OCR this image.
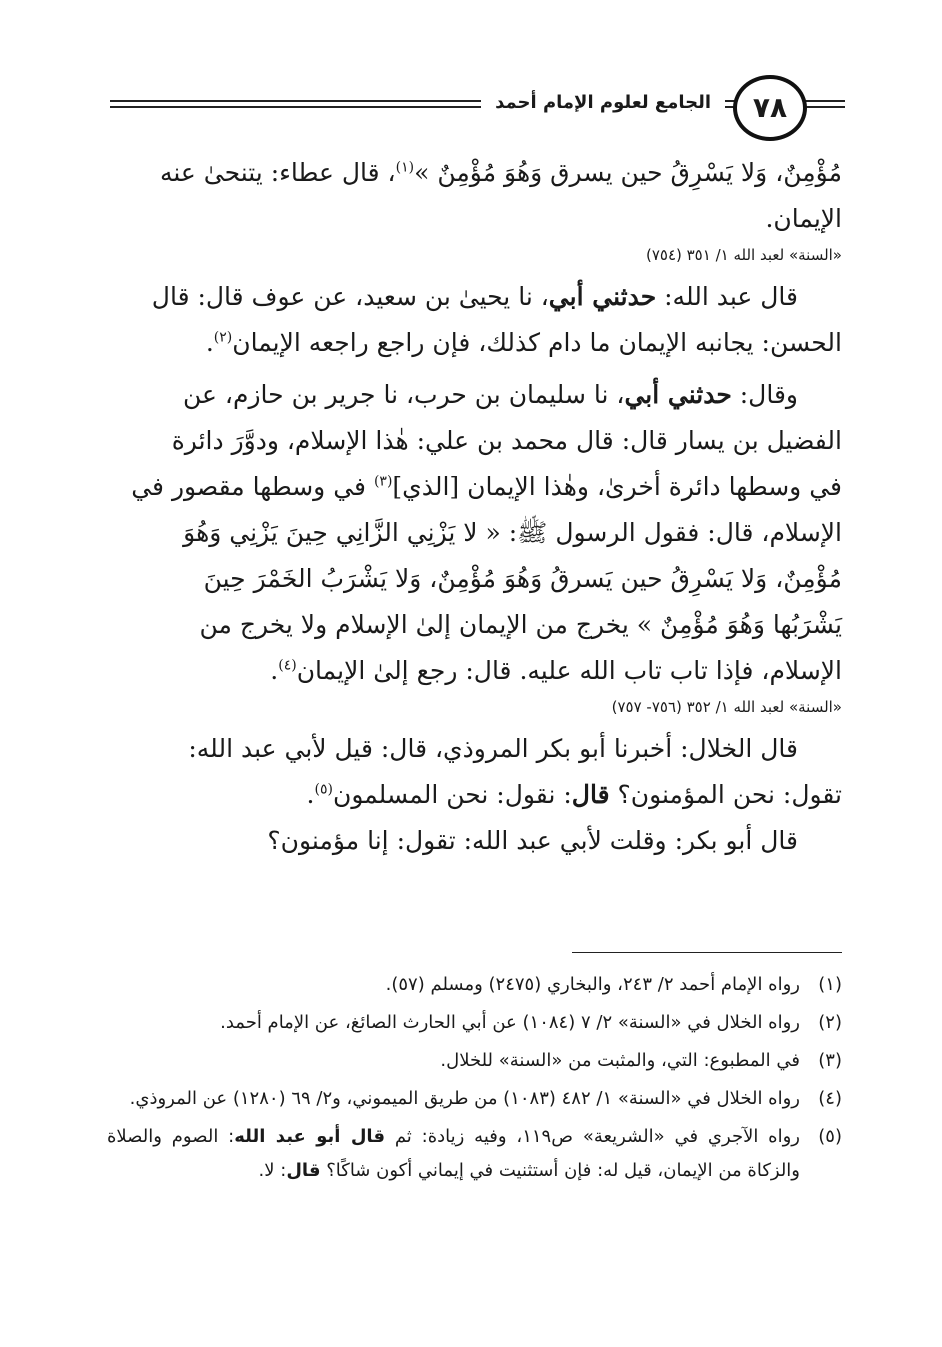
٧٨
الجامع لعلوم الإمام أحمد

مُؤْمِنٌ، وَلا يَسْرِقُ حين يسرق وَهُوَ مُؤْمِنٌ »$^{(١)}$، قال عطاء: يتنحىٰ عنه

الإيمان.

«السنة» لعبد الله ١/ ٣٥١ (٧٥٤)

قال عبد الله: حدثني أبي، نا يحيىٰ بن سعيد، عن عوف قال: قال
الحسن: يجانبه الإيمان ما دام كذلك، فإن راجع راجعه الإيمان$^{(٢)}$.

وقال: حدثني أبي، نا سليمان بن حرب، نا جرير بن حازم، عن

الفضيل بن يسار قال: قال محمد بن علي: هٰذا الإسلام، ودوَّرَ دائرة

في وسطها دائرة أخرىٰ، وهٰذا الإيمان [الذي]$^{(٣)}$ في وسطها مقصور في

الإسلام، قال: فقول الرسول ﷺ: « لا يَزْنِي الزَّانِي حِينَ يَزْنِي وَهُوَ

مُؤْمِنٌ، وَلا يَسْرِقُ حين يَسرقُ وَهُوَ مُؤْمِنٌ، وَلا يَشْرَبُ الخَمْرَ حِينَ

يَشْرَبُها وَهُوَ مُؤْمِنٌ » يخرج من الإيمان إلىٰ الإسلام ولا يخرج من

الإسلام، فإذا تاب تاب الله عليه. قال: رجع إلىٰ الإيمان$^{(٤)}$.

«السنة» لعبد الله ١/ ٣٥٢ (٧٥٦- ٧٥٧)

قال الخلال: أخبرنا أبو بكر المروذي، قال: قيل لأبي عبد الله:

تقول: نحن المؤمنون؟ قال: نقول: نحن المسلمون$^{(٥)}$.

قال أبو بكر: وقلت لأبي عبد الله: تقول: إنا مؤمنون؟

(١)
رواه الإمام أحمد ٢/ ٢٤٣، والبخاري (٢٤٧٥) ومسلم (٥٧).
(٢)
رواه الخلال في «السنة» ٢/ ٧ (١٠٨٤) عن أبي الحارث الصائغ، عن الإمام أحمد.
(٣)
في المطبوع: التي، والمثبت من «السنة» للخلال.
(٤)
رواه الخلال في «السنة» ١/ ٤٨٢ (١٠٨٣) من طريق الميموني، و٢/ ٦٩ (١٢٨٠) عن المروذي.
(٥)
رواه الآجري في «الشريعة» ص١١٩، وفيه زيادة: ثم قال أبو عبد الله: الصوم والصلاة والزكاة من الإيمان، قيل له: فإن أستثنيت في إيماني أكون شاكًا؟ قال: لا.
